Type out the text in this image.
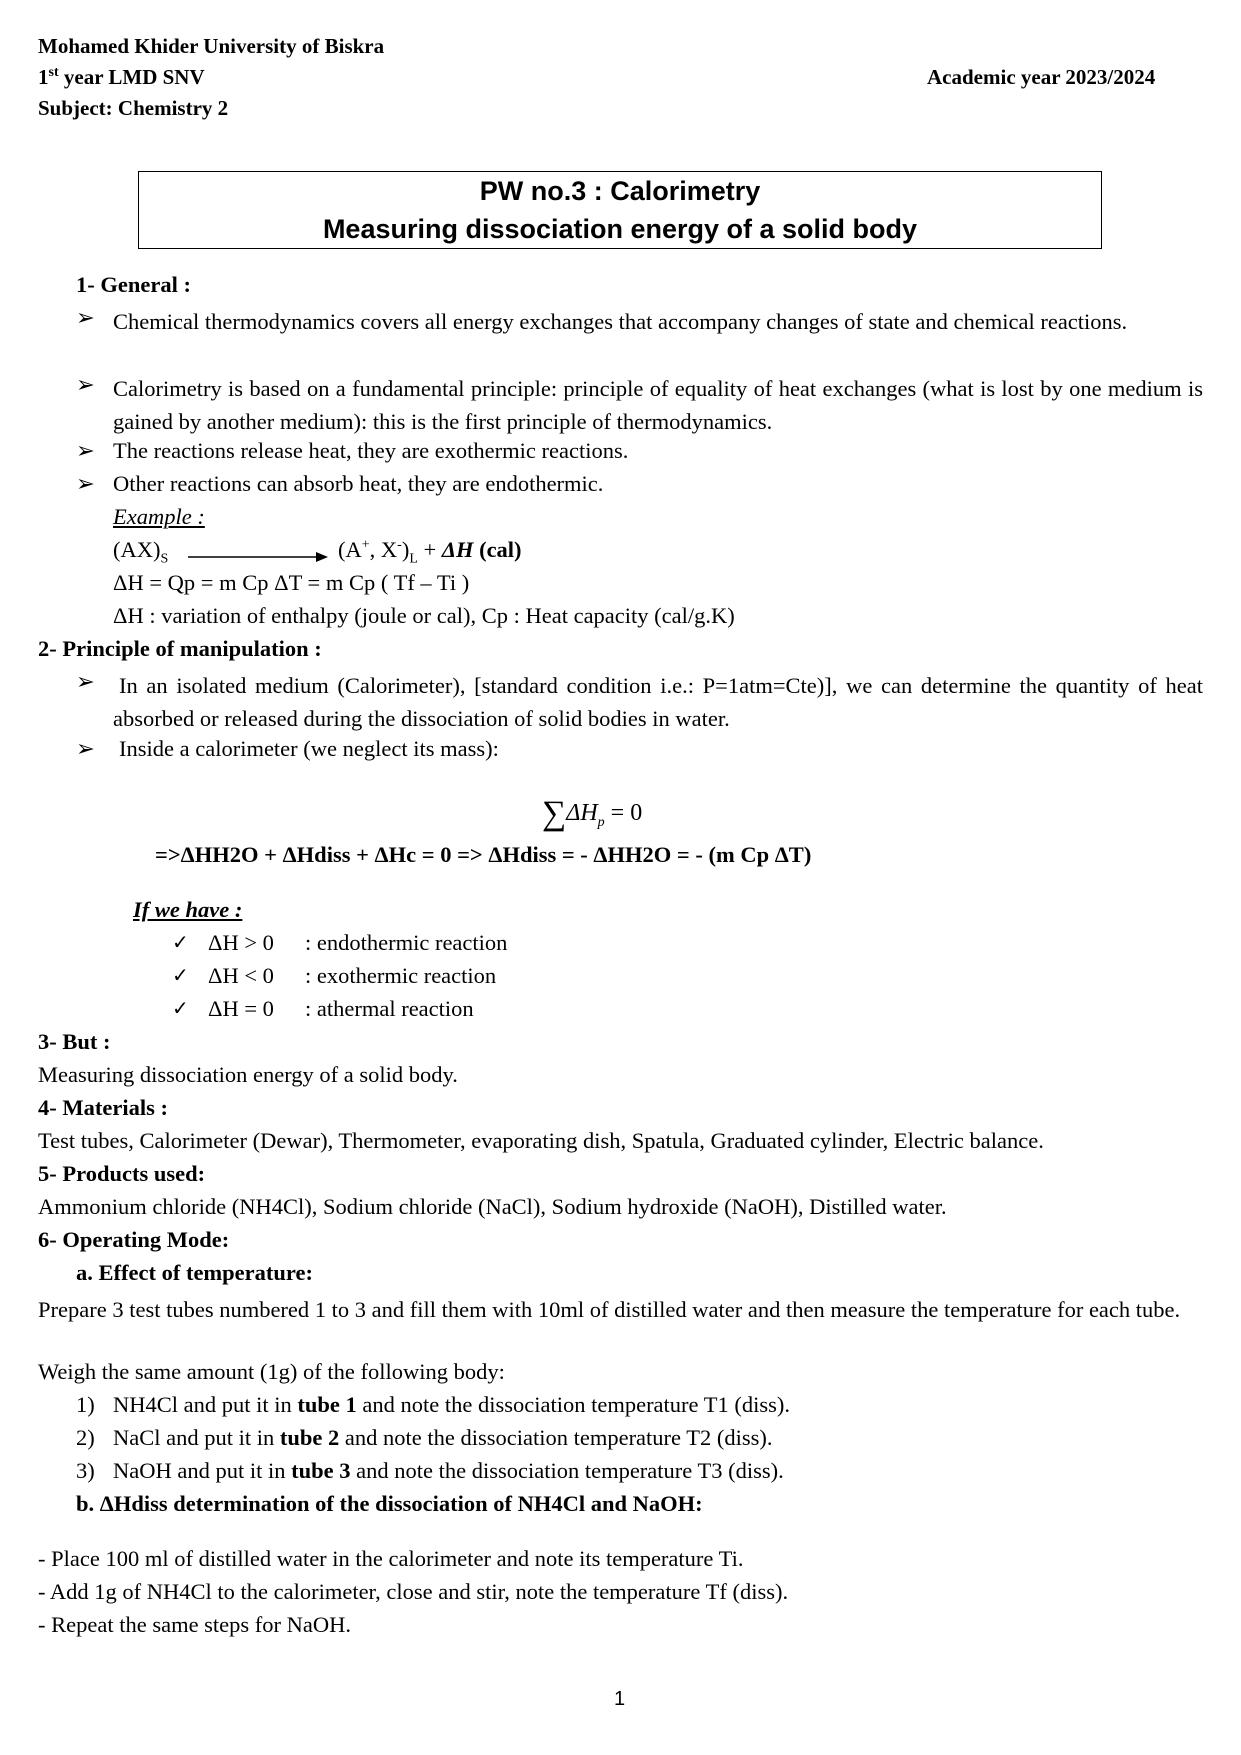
Mohamed Khider University of Biskra
1st year LMD SNV
Subject: Chemistry 2
Academic year 2023/2024
PW no.3 : Calorimetry
Measuring dissociation energy of a solid body
1- General :
➢ Chemical thermodynamics covers all energy exchanges that accompany changes of state and chemical reactions.
➢ Calorimetry is based on a fundamental principle: principle of equality of heat exchanges (what is lost by one medium is gained by another medium): this is the first principle of thermodynamics.
➢ The reactions release heat, they are exothermic reactions.
➢ Other reactions can absorb heat, they are endothermic.
Example :
$(AX)_S$	(A+, $X^-)_L + \Delta H$ (cal)
ΔH = Qp = m Cp ΔT = m Cp ( Tf – Ti )
ΔH : variation of enthalpy (joule or cal), Cp : Heat capacity (cal/g.K)
2- Principle of manipulation :
➢ In an isolated medium (Calorimeter), [standard condition i.e.: P=1atm=Cte)], we can determine the quantity of heat absorbed or released during the dissociation of solid bodies in water.
➢ Inside a calorimeter (we neglect its mass):
$\sum\Delta H_p = 0$
=>ΔHH2O + ΔHdiss + ΔHc = 0 => ΔHdiss = - ΔHH2O = - (m Cp ΔT)
If we have :
✓ ΔH > 0 : endothermic reaction
✓ ΔH < 0 : exothermic reaction
✓ ΔH = 0 : athermal reaction
3- But :
Measuring dissociation energy of a solid body.
4- Materials :
Test tubes, Calorimeter (Dewar), Thermometer, evaporating dish, Spatula, Graduated cylinder, Electric balance.
5- Products used:
Ammonium chloride (NH4Cl), Sodium chloride (NaCl), Sodium hydroxide (NaOH), Distilled water.
6- Operating Mode:
a. Effect of temperature:
Prepare 3 test tubes numbered 1 to 3 and fill them with 10ml of distilled water and then measure the temperature for each tube.
Weigh the same amount (1g) of the following body:
1) NH4Cl and put it in tube 1 and note the dissociation temperature T1 (diss).
2) NaCl and put it in tube 2 and note the dissociation temperature T2 (diss).
3) NaOH and put it in tube 3 and note the dissociation temperature T3 (diss).
b. ΔHdiss determination of the dissociation of NH4Cl and NaOH:
- Place 100 ml of distilled water in the calorimeter and note its temperature Ti.
- Add 1g of NH4Cl to the calorimeter, close and stir, note the temperature Tf (diss).
- Repeat the same steps for NaOH.
1
